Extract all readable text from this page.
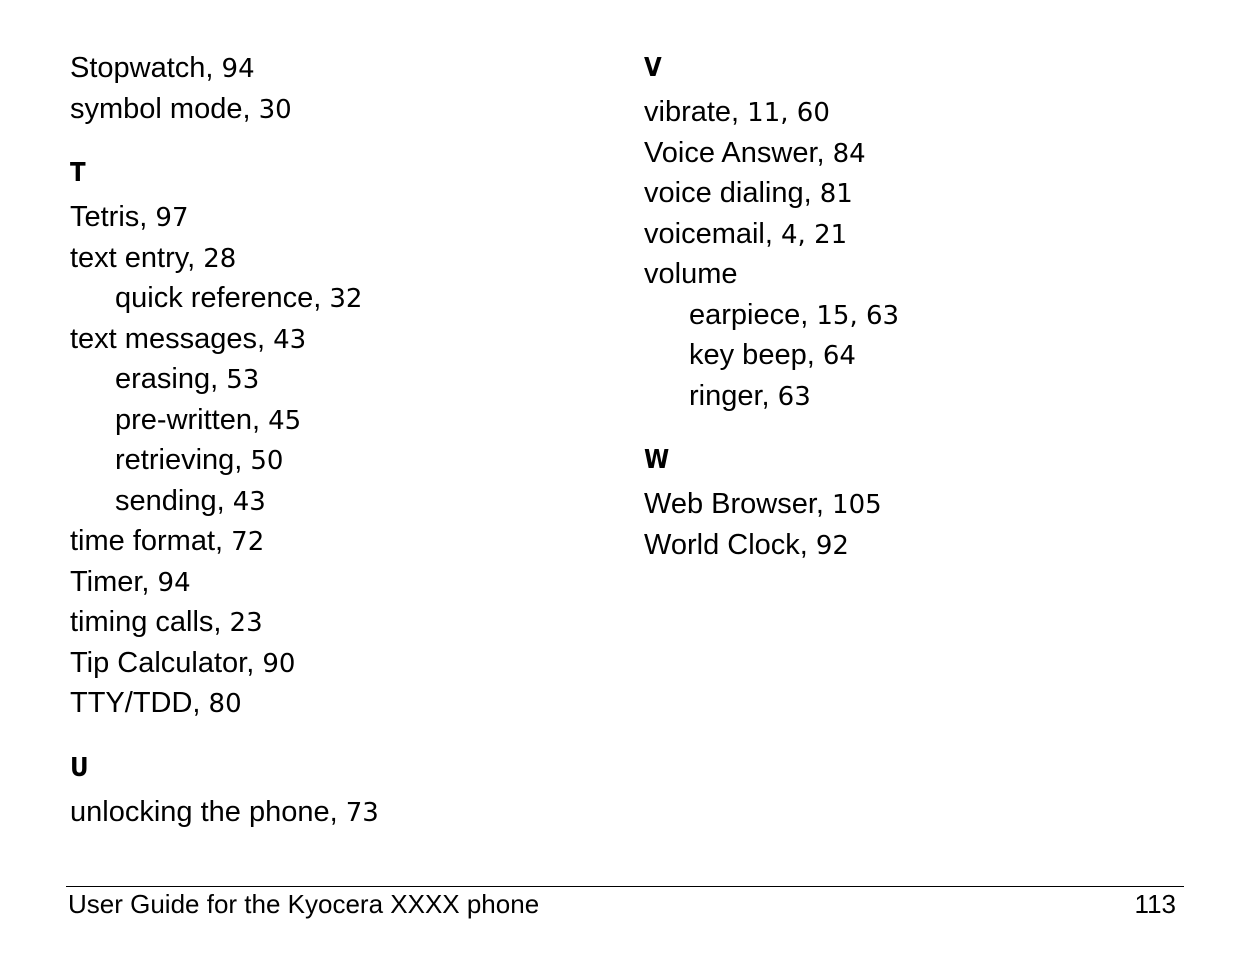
Stopwatch, 94
symbol mode, 30
T
Tetris, 97
text entry, 28
quick reference, 32
text messages, 43
erasing, 53
pre-written, 45
retrieving, 50
sending, 43
time format, 72
Timer, 94
timing calls, 23
Tip Calculator, 90
TTY/TDD, 80
U
unlocking the phone, 73
V
vibrate, 11, 60
Voice Answer, 84
voice dialing, 81
voicemail, 4, 21
volume
earpiece, 15, 63
key beep, 64
ringer, 63
W
Web Browser, 105
World Clock, 92
User Guide for the Kyocera XXXX phone	113
